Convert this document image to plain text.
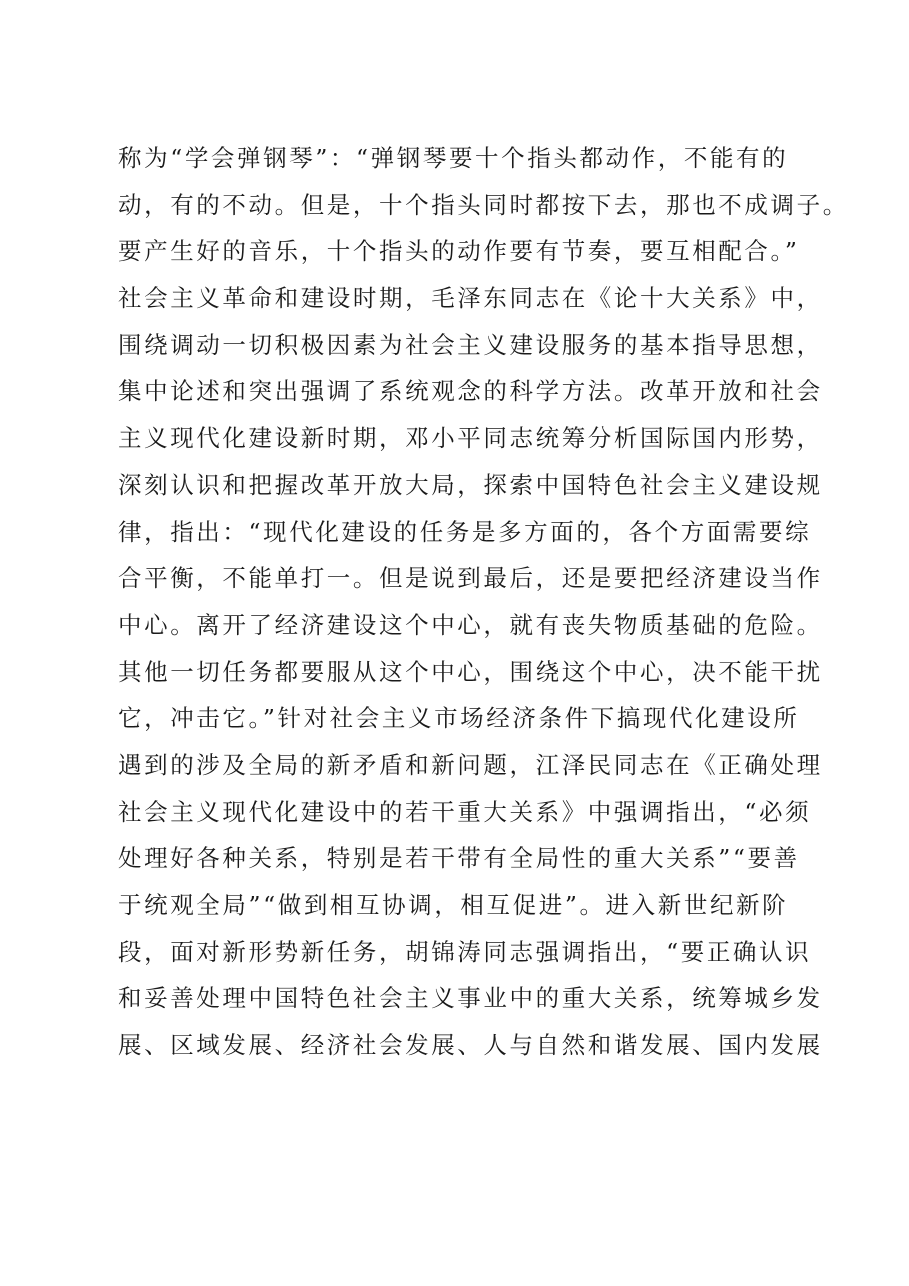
称为“学会弹钢琴”：“弹钢琴要十个指头都动作，不能有的
动，有的不动。但是，十个指头同时都按下去，那也不成调子。
要产生好的音乐，十个指头的动作要有节奏，要互相配合。”
社会主义革命和建设时期，毛泽东同志在《论十大关系》中，
围绕调动一切积极因素为社会主义建设服务的基本指导思想，
集中论述和突出强调了系统观念的科学方法。改革开放和社会
主义现代化建设新时期，邓小平同志统筹分析国际国内形势，
深刻认识和把握改革开放大局，探索中国特色社会主义建设规
律，指出：“现代化建设的任务是多方面的，各个方面需要综
合平衡，不能单打一。但是说到最后，还是要把经济建设当作
中心。离开了经济建设这个中心，就有丧失物质基础的危险。
其他一切任务都要服从这个中心，围绕这个中心，决不能干扰
它，冲击它。”针对社会主义市场经济条件下搞现代化建设所
遇到的涉及全局的新矛盾和新问题，江泽民同志在《正确处理
社会主义现代化建设中的若干重大关系》中强调指出，“必须
处理好各种关系，特别是若干带有全局性的重大关系”“要善
于统观全局”“做到相互协调，相互促进”。进入新世纪新阶
段，面对新形势新任务，胡锦涛同志强调指出，“要正确认识
和妥善处理中国特色社会主义事业中的重大关系，统筹城乡发
展、区域发展、经济社会发展、人与自然和谐发展、国内发展
